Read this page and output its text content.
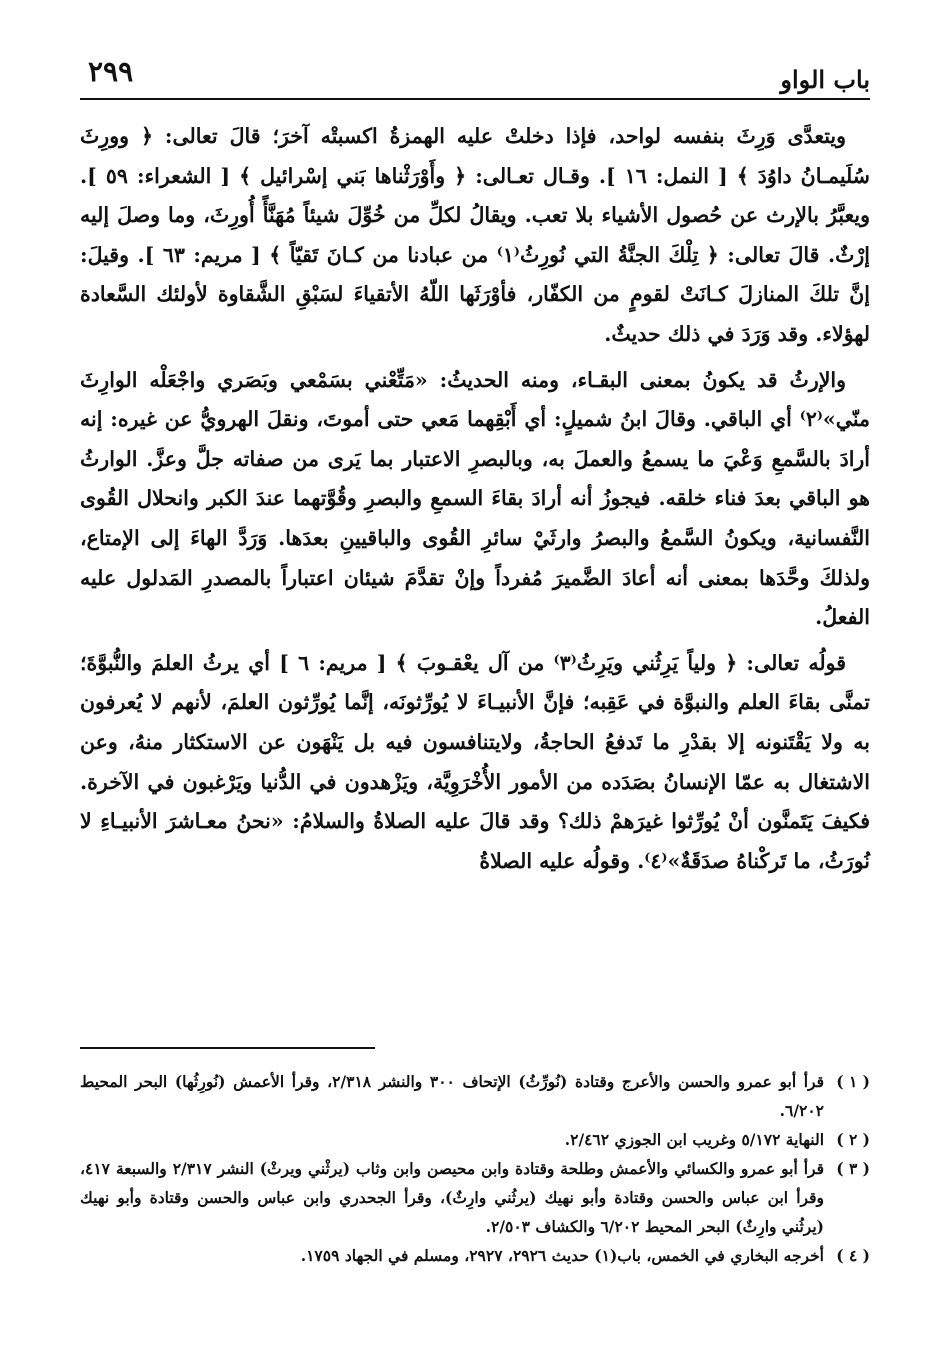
باب الواو
٢٩٩

ويتعدَّى وَرِثَ بنفسه لواحد، فإذا دخلتْ عليه الهمزةُ اكسبتْه آخرَ؛ قالَ تعالى: ﴿ وورِثَ سُلَيمـانُ داوُدَ ﴾ [ النمل: ١٦ ]. وقـال تعـالى: ﴿ وأَوْرَثْناها بَني إسْرائيل ﴾ [ الشعراء: ٥٩ ]. ويعبَّرُ بالإرث عن حُصول الأشياء بلا تعب. ويقالُ لكلِّ من خُوِّلَ شيئاً مُهَنَّأً أُورِثَ، وما وصلَ إليه إرْثٌ. قالَ تعالى: ﴿ تِلْكَ الجنَّةُ التي نُورِثُ⁽١⁾ من عبادنا من كـانَ تَقيّاً ﴾ [ مريم: ٦٣ ]. وقيلَ: إنَّ تلكَ المنازلَ كـانَتْ لقومٍ من الكفّار، فأوْرَثَها اللّهُ الأتقياءَ لسَبْقِ الشَّقاوة لأولئك السَّعادة لهؤلاء. وقد وَرَدَ في ذلك حديثٌ.

والإرثُ قد يكونُ بمعنى البقـاء، ومنه الحديثُ: «مَتِّعْني بسَمْعي وبَصَري واجْعَلْه الوارِثَ منّي»⁽٢⁾ أي الباقي. وقالَ ابنُ شميلٍ: أي أَبْقِهما مَعي حتى أموتَ، ونقلَ الهرويُّ عن غيره: إنه أرادَ بالسَّمعِ وَعْيَ ما يسمعُ والعملَ به، وبالبصرِ الاعتبار بما يَرى من صفاته جلَّ وعزَّ. الوارثُ هو الباقي بعدَ فناء خلقه. فيجوزُ أنه أرادَ بقاءَ السمعِ والبصرِ وقُوَّتهما عندَ الكبر وانحلال القُوى النَّفسانية، ويكونُ السَّمعُ والبصرُ وارثَيْ سائرِ القُوى والباقيينِ بعدَها. وَرَدَّ الهاءَ إلى الإمتاع، ولذلكَ وحَّدَها بمعنى أنه أعادَ الضَّميرَ مُفرداً وإنْ تقدَّمَ شيئان اعتباراً بالمصدرِ المَدلول عليه الفعلُ.

قولُه تعالى: ﴿ ولياً يَرِثُني ويَرِثُ⁽٣⁾ من آل يعْقـوبَ ﴾ [ مريم: ٦ ] أي يرثُ العلمَ والنُّبوَّةَ؛ تمنَّى بقاءَ العلم والنبوَّة في عَقِبه؛ فإنَّ الأنبيـاءَ لا يُورِّثونَه، إنَّما يُورِّثون العلمَ، لأنهم لا يُعرفون به ولا يَقْتَنونه إلا بقدْرِ ما تَدفعُ الحاجةُ، ولايتنافسون فيه بل يَنْهَون عن الاستكثار منهُ، وعن الاشتغال به عمّا الإنسانُ بصَدَده من الأمور الأُخْرَوِيَّة، ويَزْهدون في الدُّنيا ويَرْغبون في الآخرة. فكيفَ يَتَمنَّون أنْ يُورِّثوا غيرَهمْ ذلك؟ وقد قالَ عليه الصلاةُ والسلامُ: «نحنُ معـاشرَ الأنبيـاءِ لا نُورَثُ، ما تَركْناهُ صدَقَةٌ»⁽٤⁾. وقولُه عليه الصلاةُ

( ١ )
قرأ أبو عمرو والحسن والأعرج وقتادة (نُورِّثُ) الإتحاف ٣٠٠ والنشر ٢/٣١٨، وقرأ الأعمش (نُورِثُها) البحر المحيط ٦/٢٠٢.
( ٢ )
النهاية ٥/١٧٢ وغريب ابن الجوزي ٢/٤٦٢.
( ٣ )
قرأ أبو عمرو والكسائي والأعمش وطلحة وقتادة وابن محيصن وابن وثاب (يرثْني ويرثْ) النشر ٢/٣١٧ والسبعة ٤١٧، وقرأ ابن عباس والحسن وقتادة وأبو نهيك (يرثُني وارِثٌ)، وقرأ الجحدري وابن عباس والحسن وقتادة وأبو نهيك (يرثُني وارِثٌ) البحر المحيط ٦/٢٠٢ والكشاف ٢/٥٠٣.
( ٤ )
أخرجه البخاري في الخمس، باب(١) حديث ٢٩٢٦، ٢٩٢٧، ومسلم في الجهاد ١٧٥٩.
